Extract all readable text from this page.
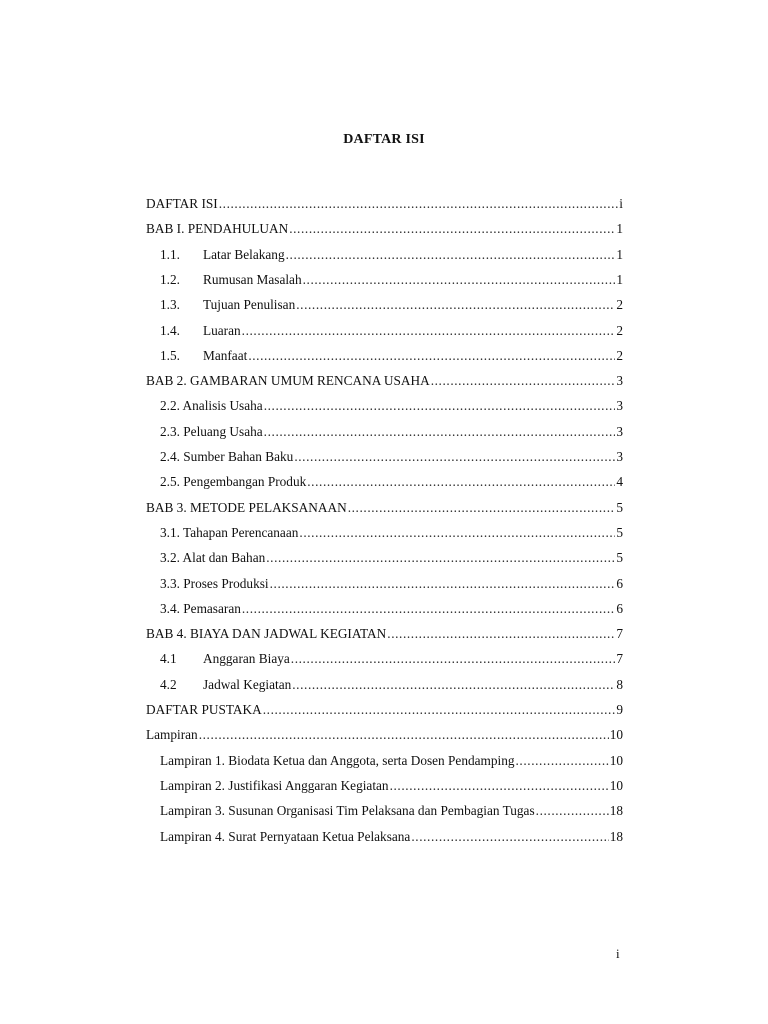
DAFTAR ISI
DAFTAR ISI .....	i
BAB I. PENDAHULUAN .....	1
1.1.	Latar Belakang .....	1
1.2.	Rumusan Masalah .....	1
1.3.	Tujuan Penulisan .....	2
1.4.	Luaran .....	2
1.5.	Manfaat .....	2
BAB 2. GAMBARAN UMUM RENCANA USAHA .....	3
2.2. Analisis Usaha .....	3
2.3. Peluang Usaha .....	3
2.4. Sumber Bahan Baku .....	3
2.5. Pengembangan Produk .....	4
BAB 3. METODE PELAKSANAAN .....	5
3.1. Tahapan Perencanaan .....	5
3.2. Alat dan Bahan .....	5
3.3. Proses Produksi .....	6
3.4. Pemasaran .....	6
BAB 4. BIAYA DAN JADWAL KEGIATAN .....	7
4.1	Anggaran Biaya .....	7
4.2	Jadwal Kegiatan .....	8
DAFTAR PUSTAKA .....	9
Lampiran .....	10
Lampiran 1. Biodata Ketua dan Anggota, serta Dosen Pendamping .....	10
Lampiran 2. Justifikasi Anggaran Kegiatan .....	10
Lampiran 3. Susunan Organisasi Tim Pelaksana dan Pembagian Tugas .....	18
Lampiran 4. Surat Pernyataan Ketua Pelaksana .....	18
i
